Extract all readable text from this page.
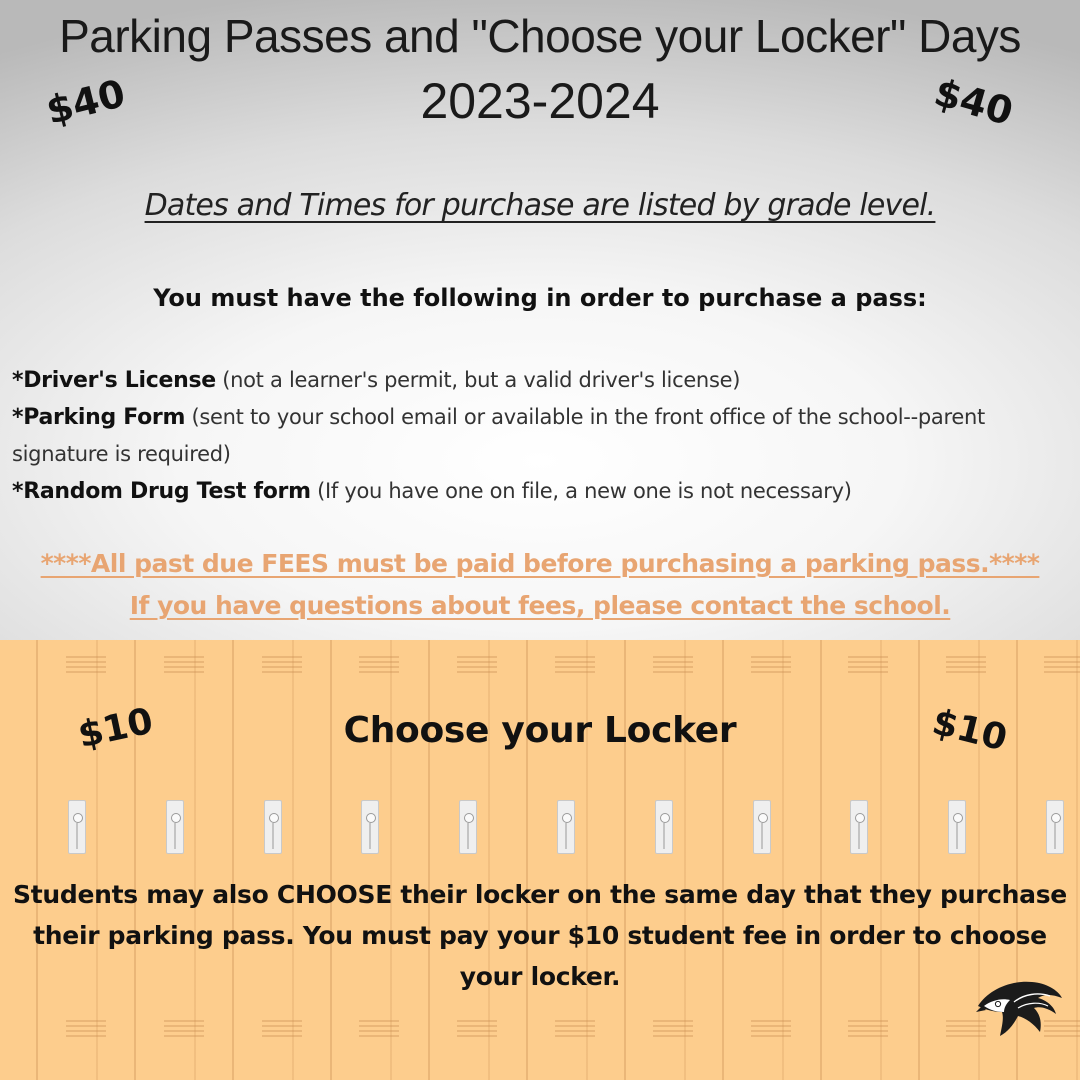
Parking Passes and "Choose your Locker" Days
2023-2024
$40	$40
Dates and Times for purchase are listed by grade level.
You must have the following in order to purchase a pass:
*Driver's License (not a learner's permit, but a valid driver's license)
*Parking Form (sent to your school email or available in the front office of the school--parent signature is required)
*Random Drug Test form (If you have one on file, a new one is not necessary)
****All past due FEES must be paid before purchasing a parking pass.****
If you have questions about fees, please contact the school.
$10	Choose your Locker	$10
Students may also CHOOSE their locker on the same day that they purchase their parking pass. You must pay your $10 student fee in order to choose your locker.
